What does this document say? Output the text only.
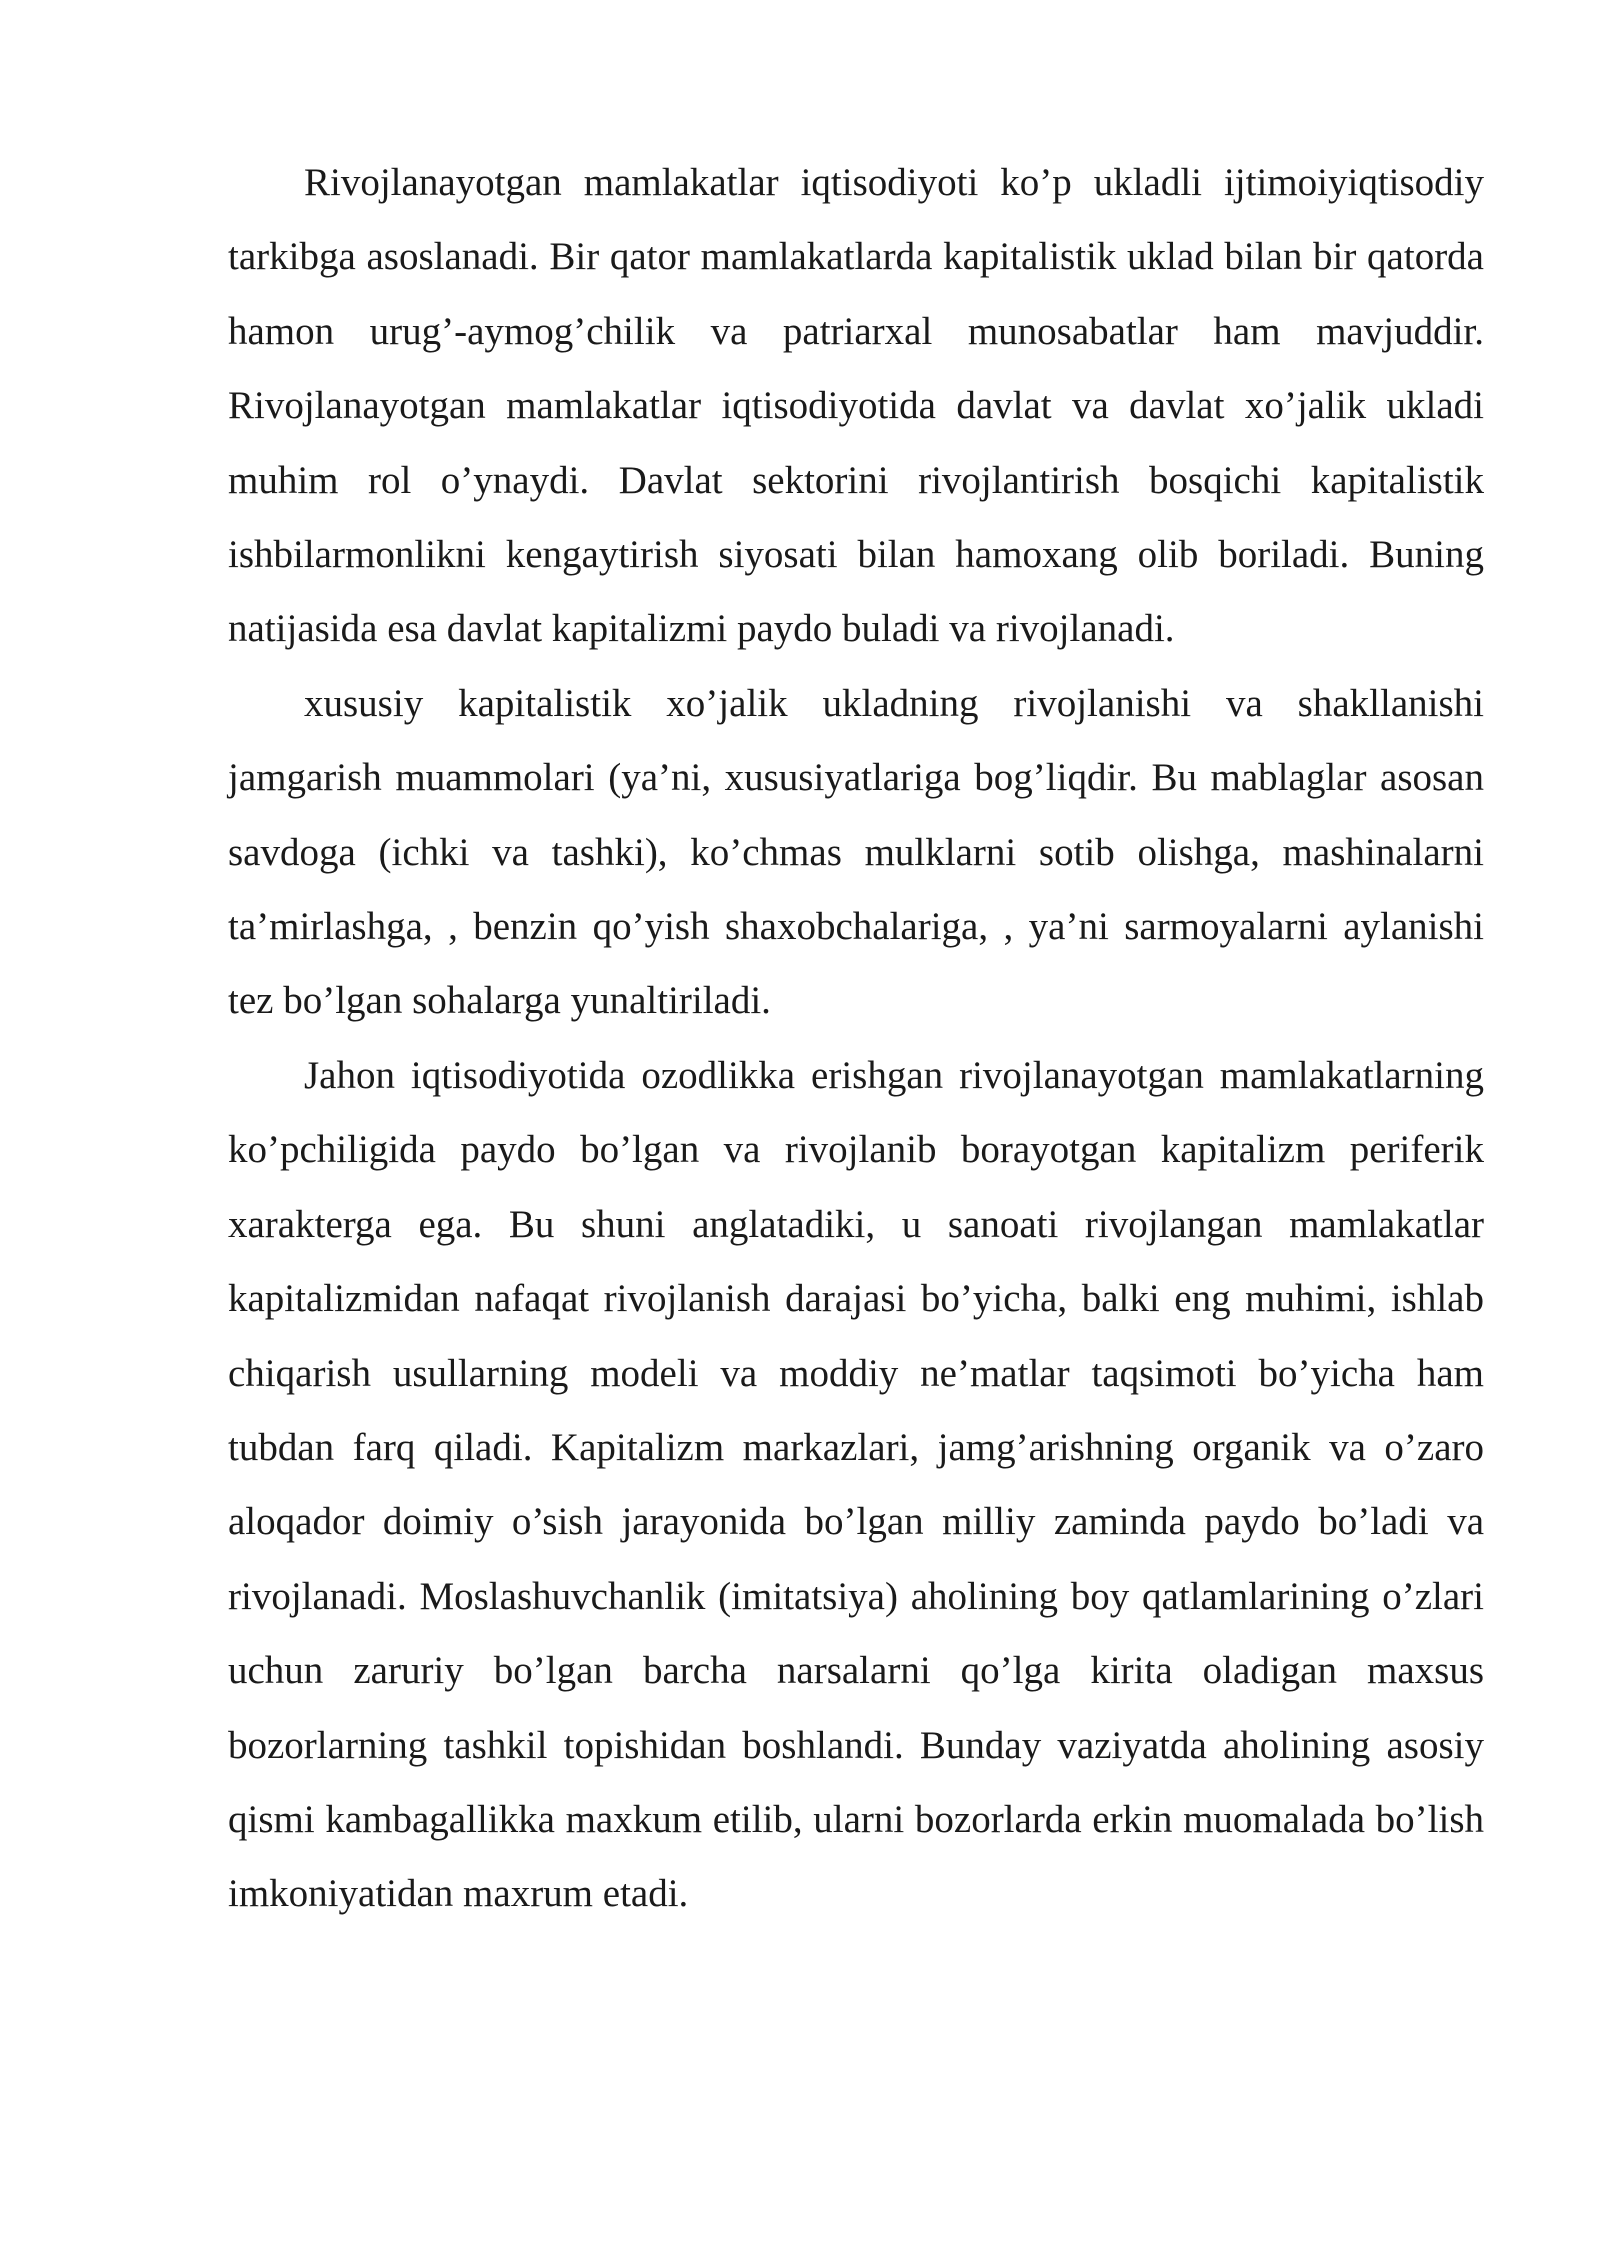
Rivojlanayotgan mamlakatlar iqtisodiyoti ko’p ukladli ijtimoiyiqtisodiy tarkibga asoslanadi. Bir qator mamlakatlarda kapitalistik uklad bilan bir qatorda hamon urug’-aymog’chilik va patriarxal munosabatlar ham mavjuddir. Rivojlanayotgan mamlakatlar iqtisodiyotida davlat va davlat xo’jalik ukladi muhim rol o’ynaydi. Davlat sektorini rivojlantirish bosqichi kapitalistik ishbilarmonlikni kengaytirish siyosati bilan hamoxang olib boriladi. Buning natijasida esa davlat kapitalizmi paydo buladi va rivojlanadi.

xususiy kapitalistik xo’jalik ukladning rivojlanishi va shakllanishi jamgarish muammolari (ya’ni, xususiyatlariga bog’liqdir. Bu mablaglar asosan savdoga (ichki va tashki), ko’chmas mulklarni sotib olishga, mashinalarni ta’mirlashga, , benzin qo’yish shaxobchalariga, , ya’ni sarmoyalarni aylanishi tez bo’lgan sohalarga yunaltiriladi.

Jahon iqtisodiyotida ozodlikka erishgan rivojlanayotgan mamlakatlarning ko’pchiligida paydo bo’lgan va rivojlanib borayotgan kapitalizm periferik xarakterga ega. Bu shuni anglatadiki, u sanoati rivojlangan mamlakatlar kapitalizmidan nafaqat rivojlanish darajasi bo’yicha, balki eng muhimi, ishlab chiqarish usullarning modeli va moddiy ne’matlar taqsimoti bo’yicha ham tubdan farq qiladi. Kapitalizm markazlari, jamg’arishning organik va o’zaro aloqador doimiy o’sish jarayonida bo’lgan milliy zaminda paydo bo’ladi va rivojlanadi. Moslashuvchanlik (imitatsiya) aholining boy qatlamlarining o’zlari uchun zaruriy bo’lgan barcha narsalarni qo’lga kirita oladigan maxsus bozorlarning tashkil topishidan boshlandi. Bunday vaziyatda aholining asosiy qismi kambagallikka maxkum etilib, ularni bozorlarda erkin muomalada bo’lish imkoniyatidan maxrum etadi.
